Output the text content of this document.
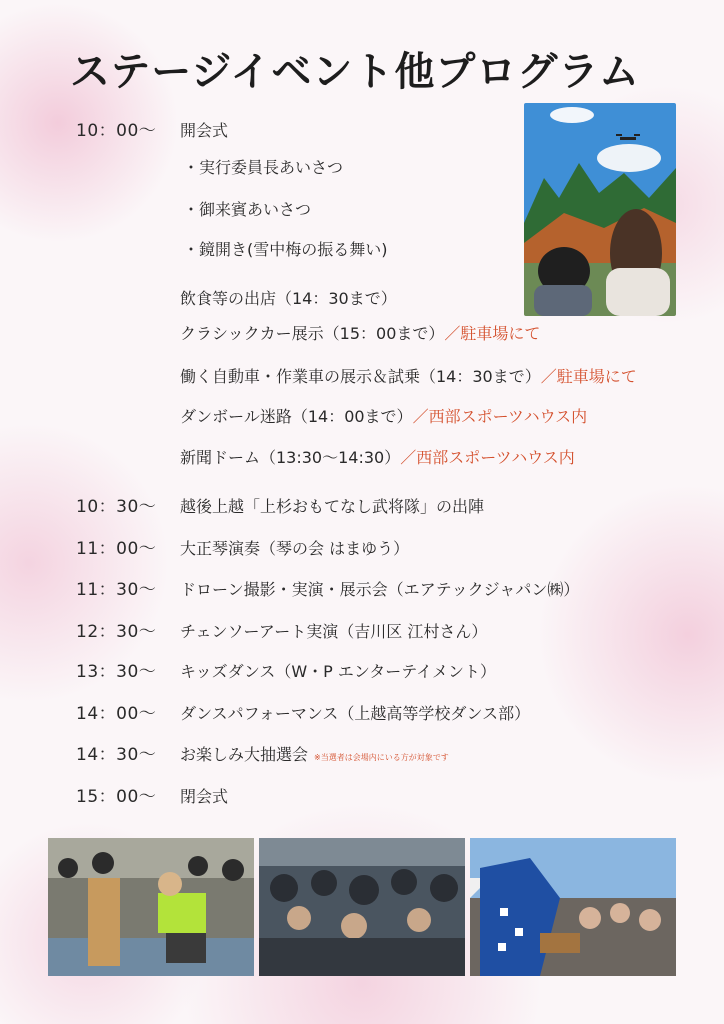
ステージイベント他プログラム
10：00～ 開会式
・実行委員長あいさつ
・御来賓あいさつ
・鏡開き(雪中梅の振る舞い)
飲食等の出店（14：30まで）
クラシックカー展示（15：00まで）／駐車場にて
働く自動車・作業車の展示＆試乗（14：30まで）／駐車場にて
ダンボール迷路（14：00まで）／西部スポーツハウス内
新聞ドーム（13:30～14:30）／西部スポーツハウス内
10：30～ 越後上越「上杉おもてなし武将隊」の出陣
11：00～ 大正琴演奏（琴の会 はまゆう）
11：30～ ドローン撮影・実演・展示会（エアテックジャパン㈱）
12：30～ チェンソーアート実演（吉川区 江村さん）
13：30～ キッズダンス（W・P エンターテイメント）
14：00～ ダンスパフォーマンス（上越高等学校ダンス部）
14：30～ お楽しみ大抽選会 ※当選者は会場内にいる方が対象です
15：00～ 閉会式
